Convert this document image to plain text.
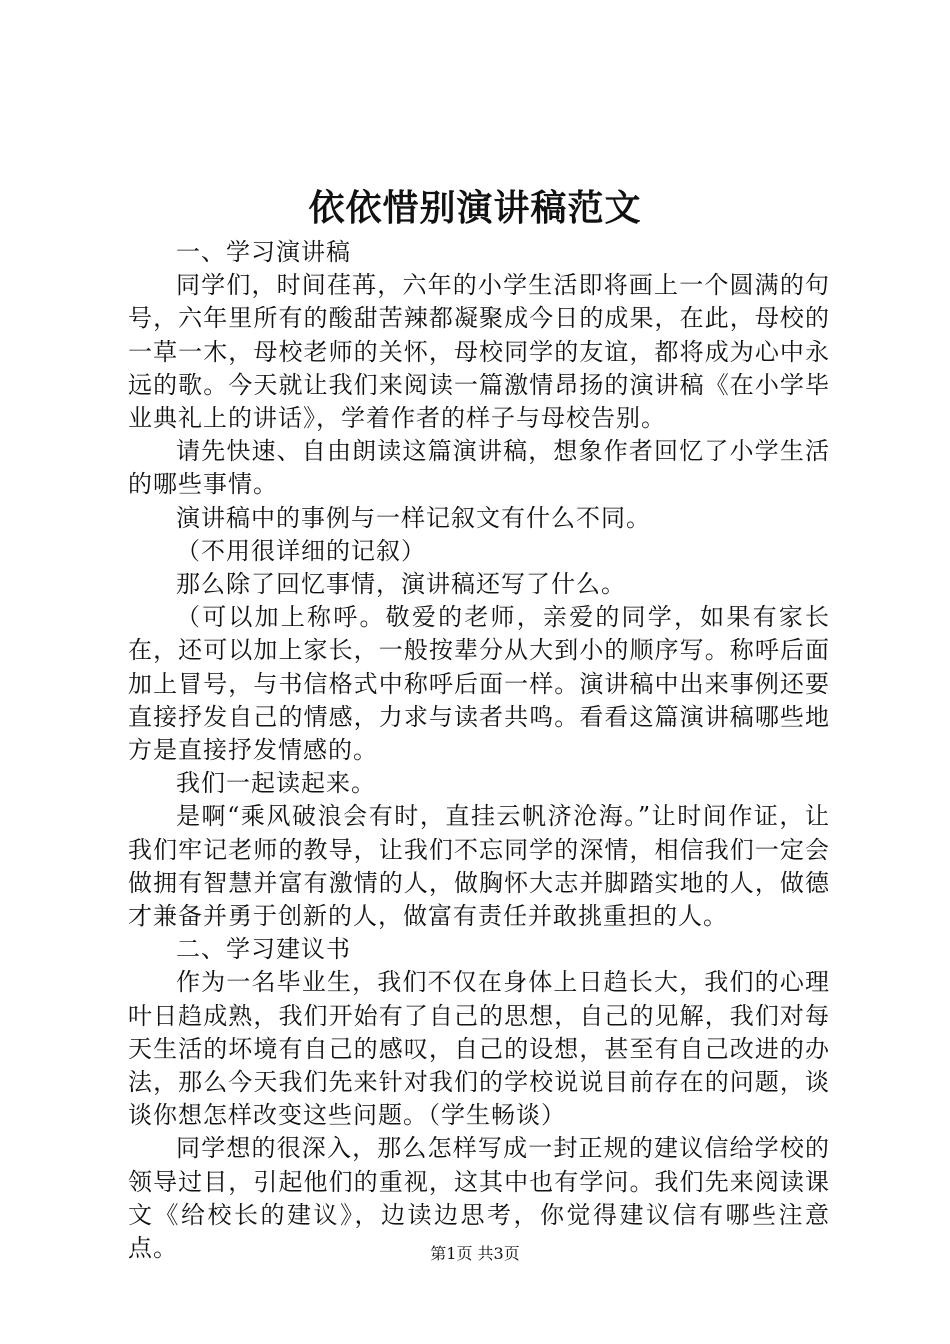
依依惜别演讲稿范文

一、学习演讲稿

同学们，时间荏苒，六年的小学生活即将画上一个圆满的句号，六年里所有的酸甜苦辣都凝聚成今日的成果，在此，母校的一草一木，母校老师的关怀，母校同学的友谊，都将成为心中永远的歌。今天就让我们来阅读一篇激情昂扬的演讲稿《在小学毕业典礼上的讲话》，学着作者的样子与母校告别。

请先快速、自由朗读这篇演讲稿，想象作者回忆了小学生活的哪些事情。

演讲稿中的事例与一样记叙文有什么不同。

（不用很详细的记叙）

那么除了回忆事情，演讲稿还写了什么。

（可以加上称呼。敬爱的老师，亲爱的同学，如果有家长在，还可以加上家长，一般按辈分从大到小的顺序写。称呼后面加上冒号，与书信格式中称呼后面一样。演讲稿中出来事例还要直接抒发自己的情感，力求与读者共鸣。看看这篇演讲稿哪些地方是直接抒发情感的。

我们一起读起来。

是啊“乘风破浪会有时，直挂云帆济沧海。”让时间作证，让我们牢记老师的教导，让我们不忘同学的深情，相信我们一定会做拥有智慧并富有激情的人，做胸怀大志并脚踏实地的人，做德才兼备并勇于创新的人，做富有责任并敢挑重担的人。

二、学习建议书

作为一名毕业生，我们不仅在身体上日趋长大，我们的心理叶日趋成熟，我们开始有了自己的思想，自己的见解，我们对每天生活的坏境有自己的感叹，自己的设想，甚至有自己改进的办法，那么今天我们先来针对我们的学校说说目前存在的问题，谈谈你想怎样改变这些问题。（学生畅谈）

同学想的很深入，那么怎样写成一封正规的建议信给学校的领导过目，引起他们的重视，这其中也有学问。我们先来阅读课文《给校长的建议》，边读边思考，你觉得建议信有哪些注意点。	第1页 共3页
